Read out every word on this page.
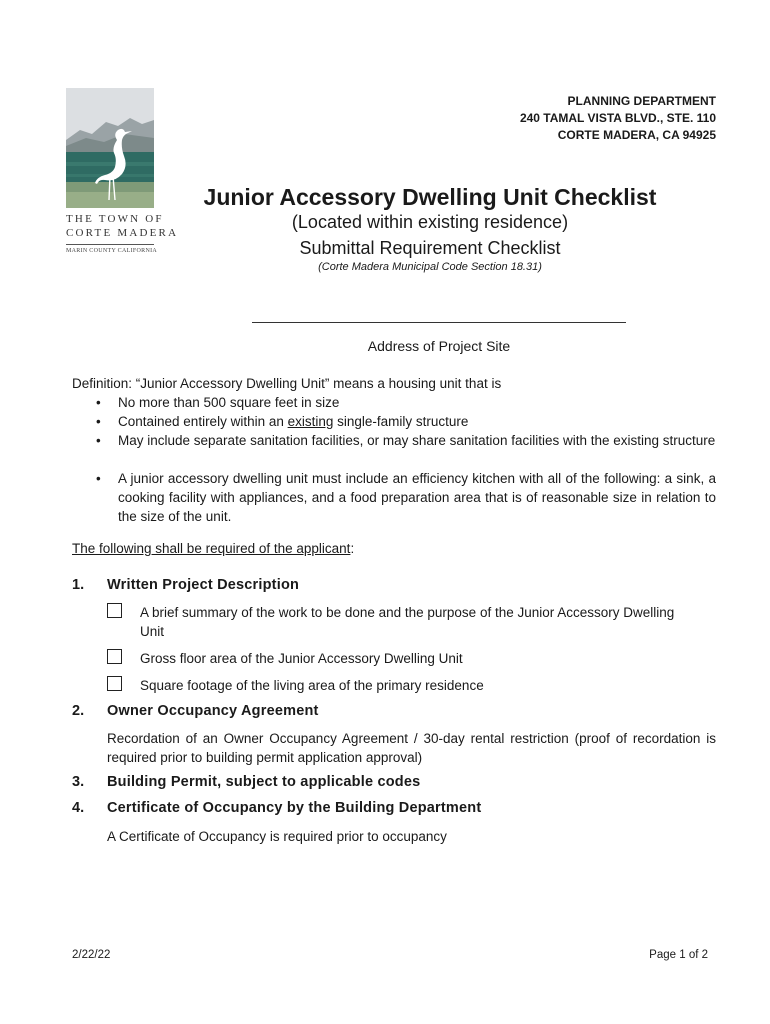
THE TOWN OF
CORTE MADERA
MARIN COUNTY CALIFORNIA
PLANNING DEPARTMENT
240 TAMAL VISTA BLVD., STE. 110
CORTE MADERA, CA 94925
Junior Accessory Dwelling Unit Checklist
(Located within existing residence)
Submittal Requirement Checklist
(Corte Madera Municipal Code Section 18.31)
Address of Project Site
Definition: “Junior Accessory Dwelling Unit” means a housing unit that is
• No more than 500 square feet in size
• Contained entirely within an existing single-family structure
• May include separate sanitation facilities, or may share sanitation facilities with the existing structure
• A junior accessory dwelling unit must include an efficiency kitchen with all of the following: a sink, a cooking facility with appliances, and a food preparation area that is of reasonable size in relation to the size of the unit.
The following shall be required of the applicant:
1. Written Project Description
A brief summary of the work to be done and the purpose of the Junior Accessory Dwelling Unit
Gross floor area of the Junior Accessory Dwelling Unit
Square footage of the living area of the primary residence
2. Owner Occupancy Agreement
Recordation of an Owner Occupancy Agreement / 30-day rental restriction (proof of recordation is required prior to building permit application approval)
3. Building Permit, subject to applicable codes
4. Certificate of Occupancy by the Building Department
A Certificate of Occupancy is required prior to occupancy
2/22/22	Page 1 of 2
